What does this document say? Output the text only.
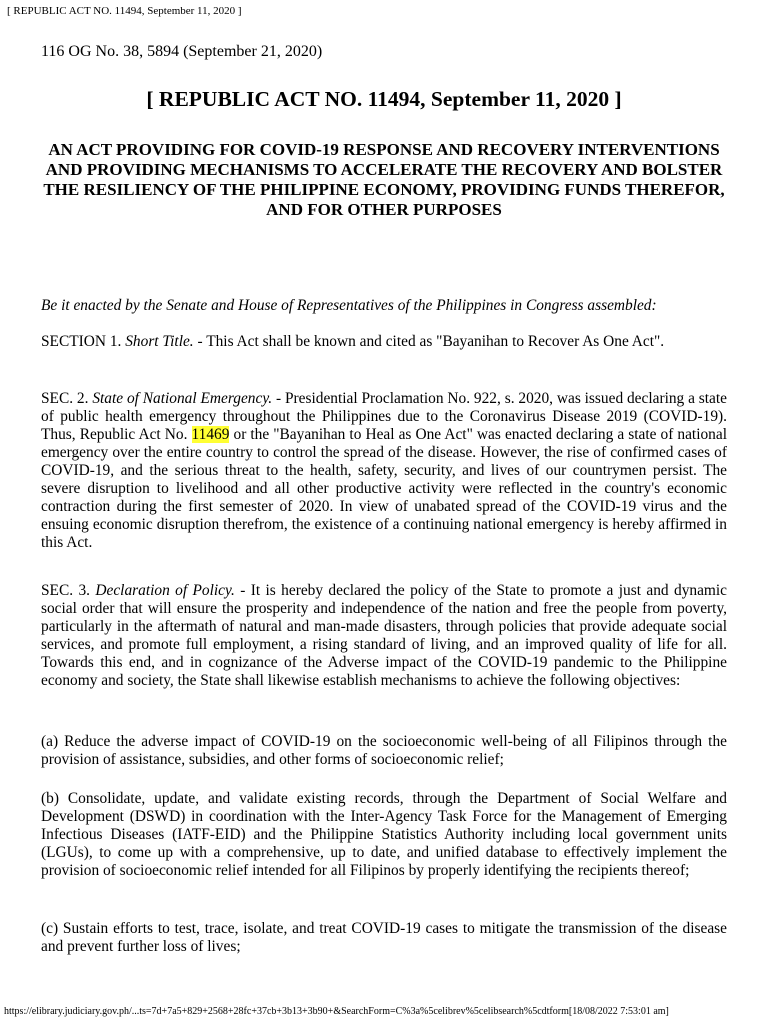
[ REPUBLIC ACT NO. 11494, September 11, 2020 ]
116 OG No. 38, 5894 (September 21, 2020)
[ REPUBLIC ACT NO. 11494, September 11, 2020 ]
AN ACT PROVIDING FOR COVID-19 RESPONSE AND RECOVERY INTERVENTIONS AND PROVIDING MECHANISMS TO ACCELERATE THE RECOVERY AND BOLSTER THE RESILIENCY OF THE PHILIPPINE ECONOMY, PROVIDING FUNDS THEREFOR, AND FOR OTHER PURPOSES

Be it enacted by the Senate and House of Representatives of the Philippines in Congress assembled:

SECTION 1. Short Title. - This Act shall be known and cited as "Bayanihan to Recover As One Act".

SEC. 2. State of National Emergency. - Presidential Proclamation No. 922, s. 2020, was issued declaring a state of public health emergency throughout the Philippines due to the Coronavirus Disease 2019 (COVID-19). Thus, Republic Act No. 11469 or the "Bayanihan to Heal as One Act" was enacted declaring a state of national emergency over the entire country to control the spread of the disease. However, the rise of confirmed cases of COVID-19, and the serious threat to the health, safety, security, and lives of our countrymen persist. The severe disruption to livelihood and all other productive activity were reflected in the country's economic contraction during the first semester of 2020. In view of unabated spread of the COVID-19 virus and the ensuing economic disruption therefrom, the existence of a continuing national emergency is hereby affirmed in this Act.

SEC. 3. Declaration of Policy. - It is hereby declared the policy of the State to promote a just and dynamic social order that will ensure the prosperity and independence of the nation and free the people from poverty, particularly in the aftermath of natural and man-made disasters, through policies that provide adequate social services, and promote full employment, a rising standard of living, and an improved quality of life for all. Towards this end, and in cognizance of the Adverse impact of the COVID-19 pandemic to the Philippine economy and society, the State shall likewise establish mechanisms to achieve the following objectives:

(a) Reduce the adverse impact of COVID-19 on the socioeconomic well-being of all Filipinos through the provision of assistance, subsidies, and other forms of socioeconomic relief;

(b) Consolidate, update, and validate existing records, through the Department of Social Welfare and Development (DSWD) in coordination with the Inter-Agency Task Force for the Management of Emerging Infectious Diseases (IATF-EID) and the Philippine Statistics Authority including local government units (LGUs), to come up with a comprehensive, up to date, and unified database to effectively implement the provision of socioeconomic relief intended for all Filipinos by properly identifying the recipients thereof;

(c) Sustain efforts to test, trace, isolate, and treat COVID-19 cases to mitigate the transmission of the disease and prevent further loss of lives;

https://elibrary.judiciary.gov.ph/...ts=7d+7a5+829+2568+28fc+37cb+3b13+3b90+&SearchForm=C%3a%5celibrev%5celibsearch%5cdtform[18/08/2022 7:53:01 am]
